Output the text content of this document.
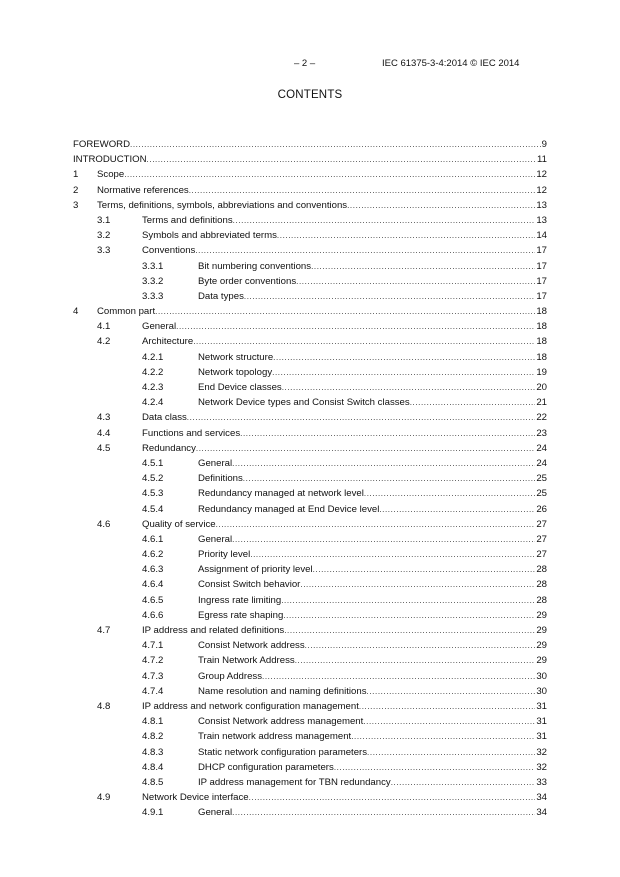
– 2 –	IEC 61375-3-4:2014 © IEC 2014
CONTENTS
FOREWORD .....	9
INTRODUCTION .....	11
1 Scope .....	12
2 Normative references .....	12
3 Terms, definitions, symbols, abbreviations and conventions .....	13
3.1	Terms and definitions .....	13
3.2	Symbols and abbreviated terms .....	14
3.3	Conventions .....	17
3.3.1	Bit numbering conventions .....	17
3.3.2	Byte order conventions .....	17
3.3.3	Data types .....	17
4 Common part .....	18
4.1	General .....	18
4.2	Architecture .....	18
4.2.1	Network structure .....	18
4.2.2	Network topology .....	19
4.2.3	End Device classes .....	20
4.2.4	Network Device types and Consist Switch classes .....	21
4.3	Data class .....	22
4.4	Functions and services .....	23
4.5	Redundancy .....	24
4.5.1	General .....	24
4.5.2	Definitions .....	25
4.5.3	Redundancy managed at network level .....	25
4.5.4	Redundancy managed at End Device level .....	26
4.6	Quality of service .....	27
4.6.1	General .....	27
4.6.2	Priority level .....	27
4.6.3	Assignment of priority level .....	28
4.6.4	Consist Switch behavior .....	28
4.6.5	Ingress rate limiting .....	28
4.6.6	Egress rate shaping .....	29
4.7	IP address and related definitions .....	29
4.7.1	Consist Network address .....	29
4.7.2	Train Network Address .....	29
4.7.3	Group Address .....	30
4.7.4	Name resolution and naming definitions .....	30
4.8	IP address and network configuration management .....	31
4.8.1	Consist Network address management .....	31
4.8.2	Train network address management .....	31
4.8.3	Static network configuration parameters .....	32
4.8.4	DHCP configuration parameters .....	32
4.8.5	IP address management for TBN redundancy .....	33
4.9	Network Device interface .....	34
4.9.1	General .....	34
